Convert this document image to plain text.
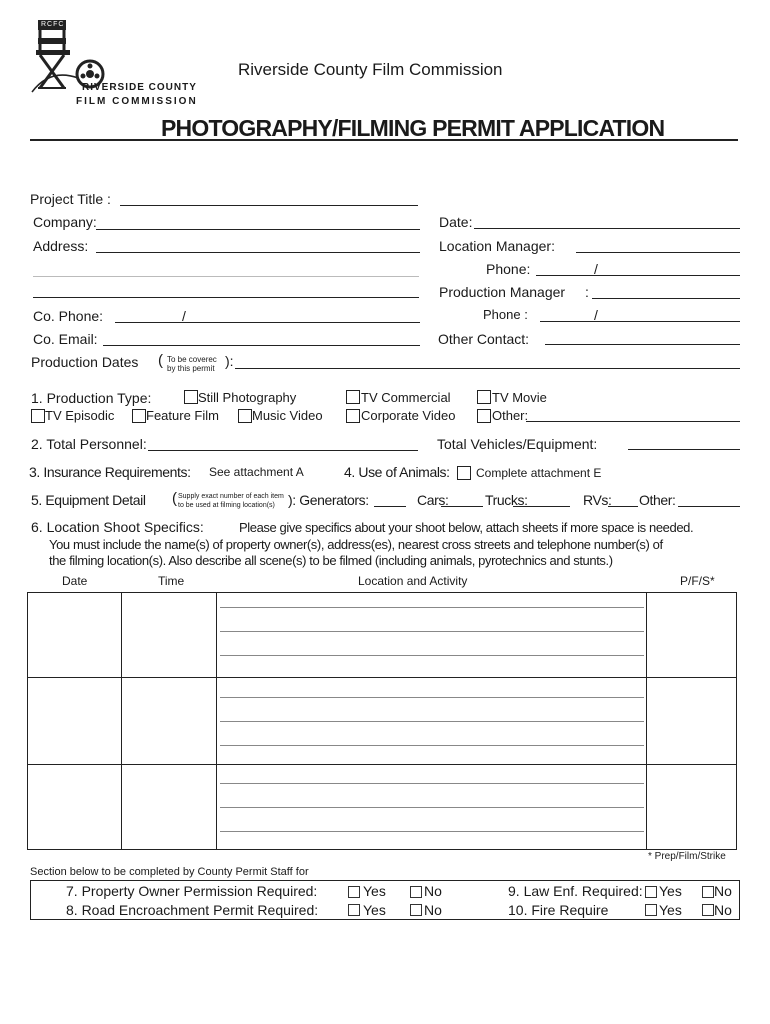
RCFC
RIVERSIDE COUNTY
FILM COMMISSION
Riverside County Film Commission
PHOTOGRAPHY/FILMING PERMIT APPLICATION
Project Title :
Company:	Date:
Address:	Location Manager:
Phone:	/
Production Manager :
Co. Phone:	/	Phone :	/
Co. Email:	Other Contact:
Production Dates ( To be coverec
by this permit ):
1. Production Type:	Still Photography	TV Commercial	TV Movie
TV Episodic Feature Film	Music Video	Corporate Video	Other:
2. Total Personnel:	Total Vehicles/Equipment:
3. Insurance Requirements: See attachment A	4. Use of Animals: Complete attachment E
5. Equipment Detail ( Supply exact number of each item
to be used at filming location(s) ): Generators:	Cars:	Trucks:	RVs: Other:
6. Location Shoot Specifics:	Please give specifics about your shoot below, attach sheets if more space is needed.
You must include the name(s) of property owner(s), address(es), nearest cross streets and telephone number(s) of
the filming location(s). Also describe all scene(s) to be filmed (including animals, pyrotechnics and stunts.)
Date	Time	Location and Activity	P/F/S*
* Prep/Film/Strike
Section below to be completed by County Permit Staff for
7. Property Owner Permission Required:	Yes	No	9. Law Enf. Required: Yes No
8. Road Encroachment Permit Required:	Yes	No	10. Fire Require	Yes No
